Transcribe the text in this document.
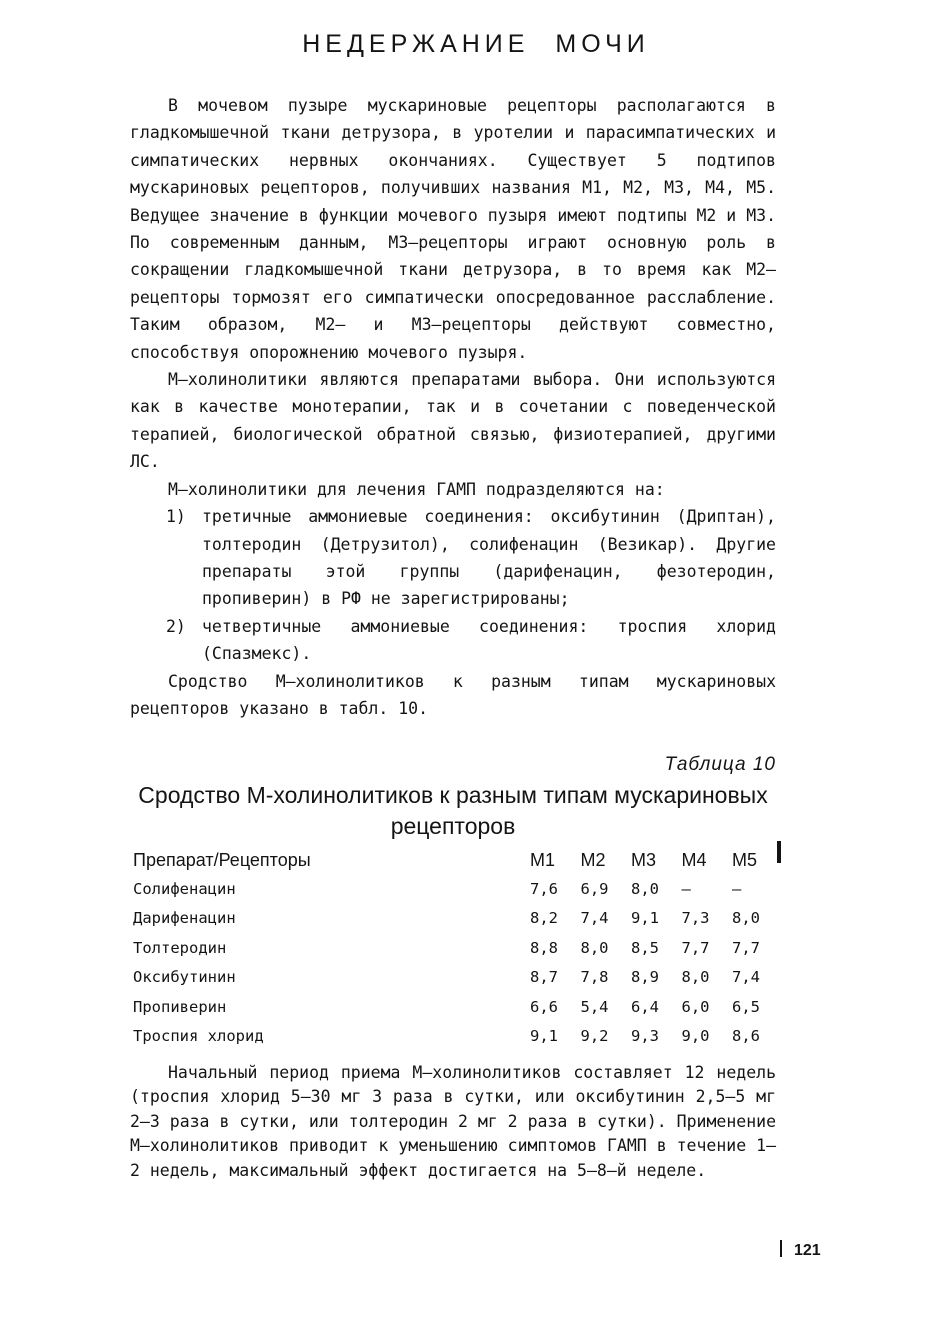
НЕДЕРЖАНИЕ МОЧИ

В мочевом пузыре мускариновые рецепторы располагаются в гладкомышечной ткани детрузора, в уротелии и парасимпатических и симпатических нервных окончаниях. Существует 5 подтипов мускариновых рецепторов, получивших названия М1, М2, М3, М4, М5. Ведущее значение в функции мочевого пузыря имеют подтипы М2 и М3. По современным данным, М3–рецепторы играют основную роль в сокращении гладкомышечной ткани детрузора, в то время как М2–рецепторы тормозят его симпатически опосредованное расслабление. Таким образом, М2– и М3–рецепторы действуют совместно, способствуя опорожнению мочевого пузыря.

М–холинолитики являются препаратами выбора. Они используются как в качестве монотерапии, так и в сочетании с поведенческой терапией, биологической обратной связью, физиотерапией, другими ЛС.

М–холинолитики для лечения ГАМП подразделяются на:

1) третичные аммониевые соединения: оксибутинин (Дриптан), толтеродин (Детрузитол), солифенацин (Везикар). Другие препараты этой группы (дарифенацин, фезотеродин, пропиверин) в РФ не зарегистрированы;
2) четвертичные аммониевые соединения: троспия хлорид (Спазмекс).

Сродство М–холинолитиков к разным типам мускариновых рецепторов указано в табл. 10.

Таблица 10
Сродство М-холинолитиков к разным типам мускариновых рецепторов
Препарат/Рецепторы	М1	М2	М3	М4	М5
Солифенацин	7,6	6,9	8,0	—	—
Дарифенацин	8,2	7,4	9,1	7,3	8,0
Толтеродин	8,8	8,0	8,5	7,7	7,7
Оксибутинин	8,7	7,8	8,9	8,0	7,4
Пропиверин	6,6	5,4	6,4	6,0	6,5
Троспия хлорид	9,1	9,2	9,3	9,0	8,6

Начальный период приема М–холинолитиков составляет 12 недель (троспия хлорид 5–30 мг 3 раза в сутки, или оксибутинин 2,5–5 мг 2–3 раза в сутки, или толтеродин 2 мг 2 раза в сутки). Применение М–холинолитиков приводит к уменьшению симптомов ГАМП в течение 1–2 недель, максимальный эффект достигается на 5–8–й неделе.

121
